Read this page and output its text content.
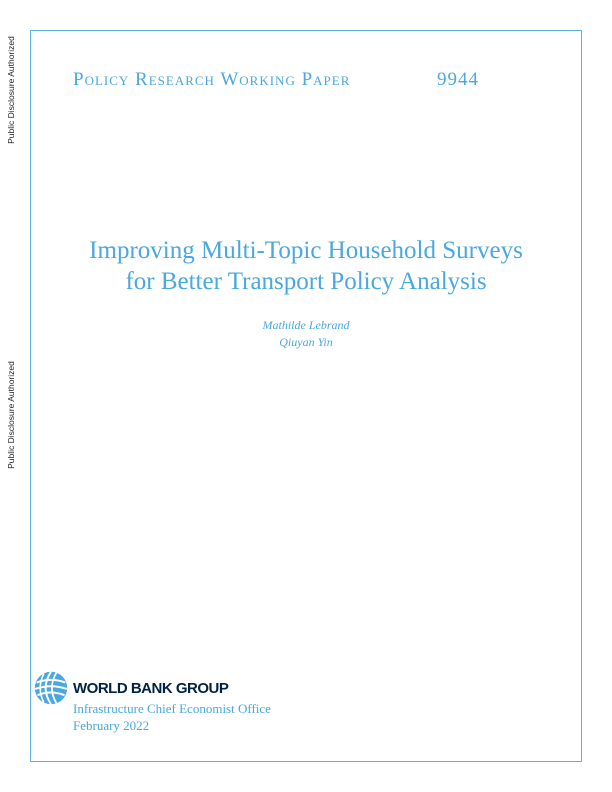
Public Disclosure Authorized
Public Disclosure Authorized
Policy Research Working Paper	9944
Improving Multi-Topic Household Surveys
for Better Transport Policy Analysis
Mathilde Lebrand
Qiuyan Yin
WORLD BANK GROUP
Infrastructure Chief Economist Office
February 2022
